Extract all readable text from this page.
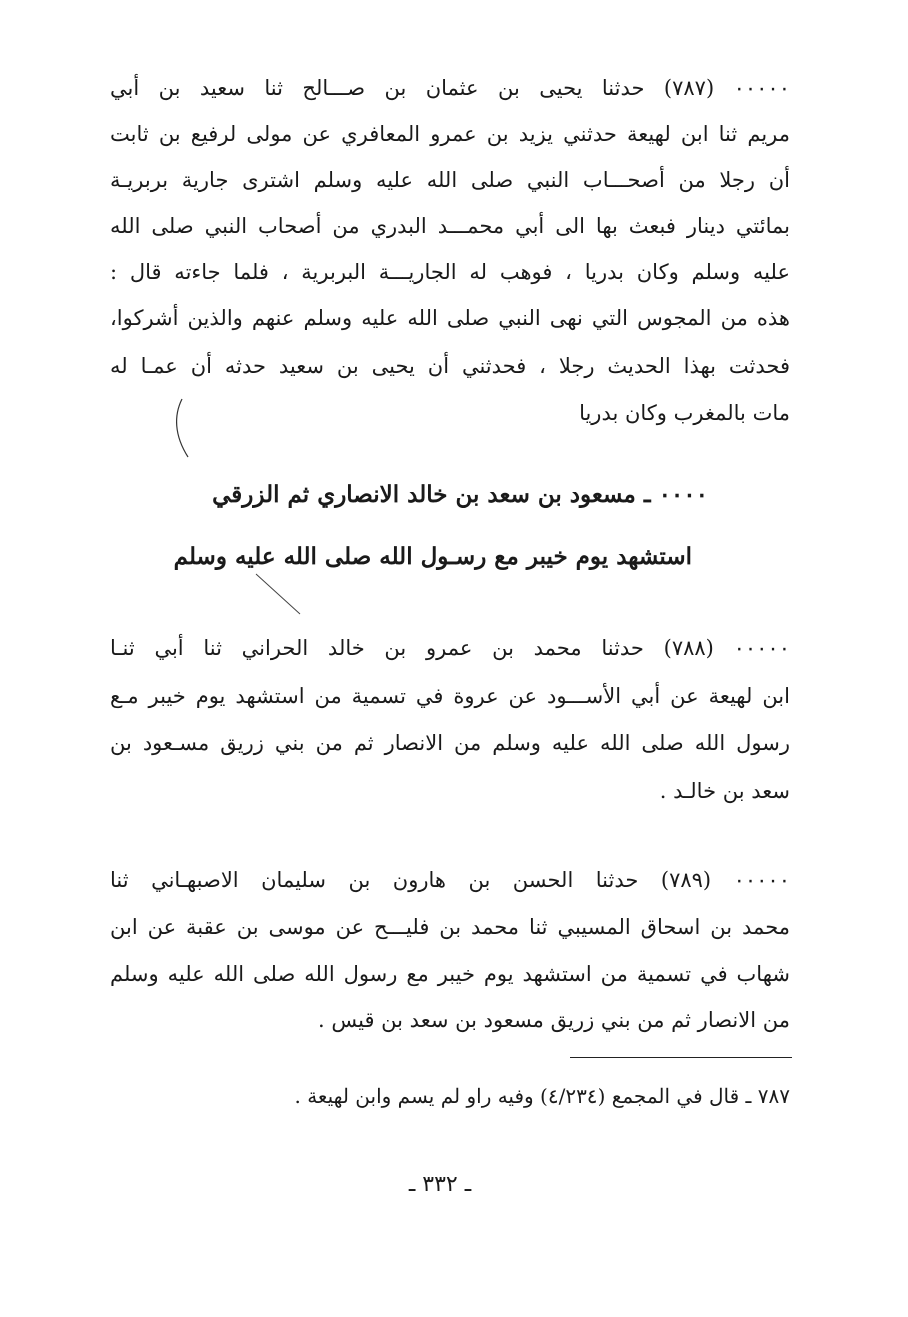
٠٠٠٠٠ (٧٨٧) حدثنا يحيى بن عثمان بن صـــالح ثنا سعيد بن أبي
مريم ثنا ابن لهيعة حدثني يزيد بن عمرو المعافري عن مولى لرفيع بن ثابت
أن رجلا من أصحـــاب النبي صلى الله عليه وسلم اشترى جارية بربريـة
بمائتي دينار فبعث بها الى أبي محمـــد البدري من أصحاب النبي صلى الله
عليه وسلم وكان بدريا ، فوهب له الجاريـــة البربرية ، فلما جاءته قال :
هذه من المجوس التي نهى النبي صلى الله عليه وسلم عنهم والذين أشركوا،
فحدثت بهذا الحديث رجلا ، فحدثني أن يحيى بن سعيد حدثه أن عمـا له
مات بالمغرب وكان بدريا
٠٠٠٠ ـ مسعود بن سعد بن خالد الانصاري ثم الزرقي
استشهد يوم خيبر مع رسـول الله صلى الله عليه وسلم
٠٠٠٠٠ (٧٨٨) حدثنا محمد بن عمرو بن خالد الحراني ثنا أبي ثنـا
ابن لهيعة عن أبي الأســـود عن عروة في تسمية من استشهد يوم خيبر مـع
رسول الله صلى الله عليه وسلم من الانصار ثم من بني زريق مسـعود بن
سعد بن خالـد .
٠٠٠٠٠ (٧٨٩) حدثنا الحسن بن هارون بن سليمان الاصبهـاني ثنا
محمد بن اسحاق المسيبي ثنا محمد بن فليـــح عن موسى بن عقبة عن ابن
شهاب في تسمية من استشهد يوم خيبر مع رسول الله صلى الله عليه وسلم
من الانصار ثم من بني زريق مسعود بن سعد بن قيس .
٧٨٧ ـ قال في المجمع (٤/٢٣٤) وفيه راو لم يسم وابن لهيعة .
ـ ٣٣٢ ـ
